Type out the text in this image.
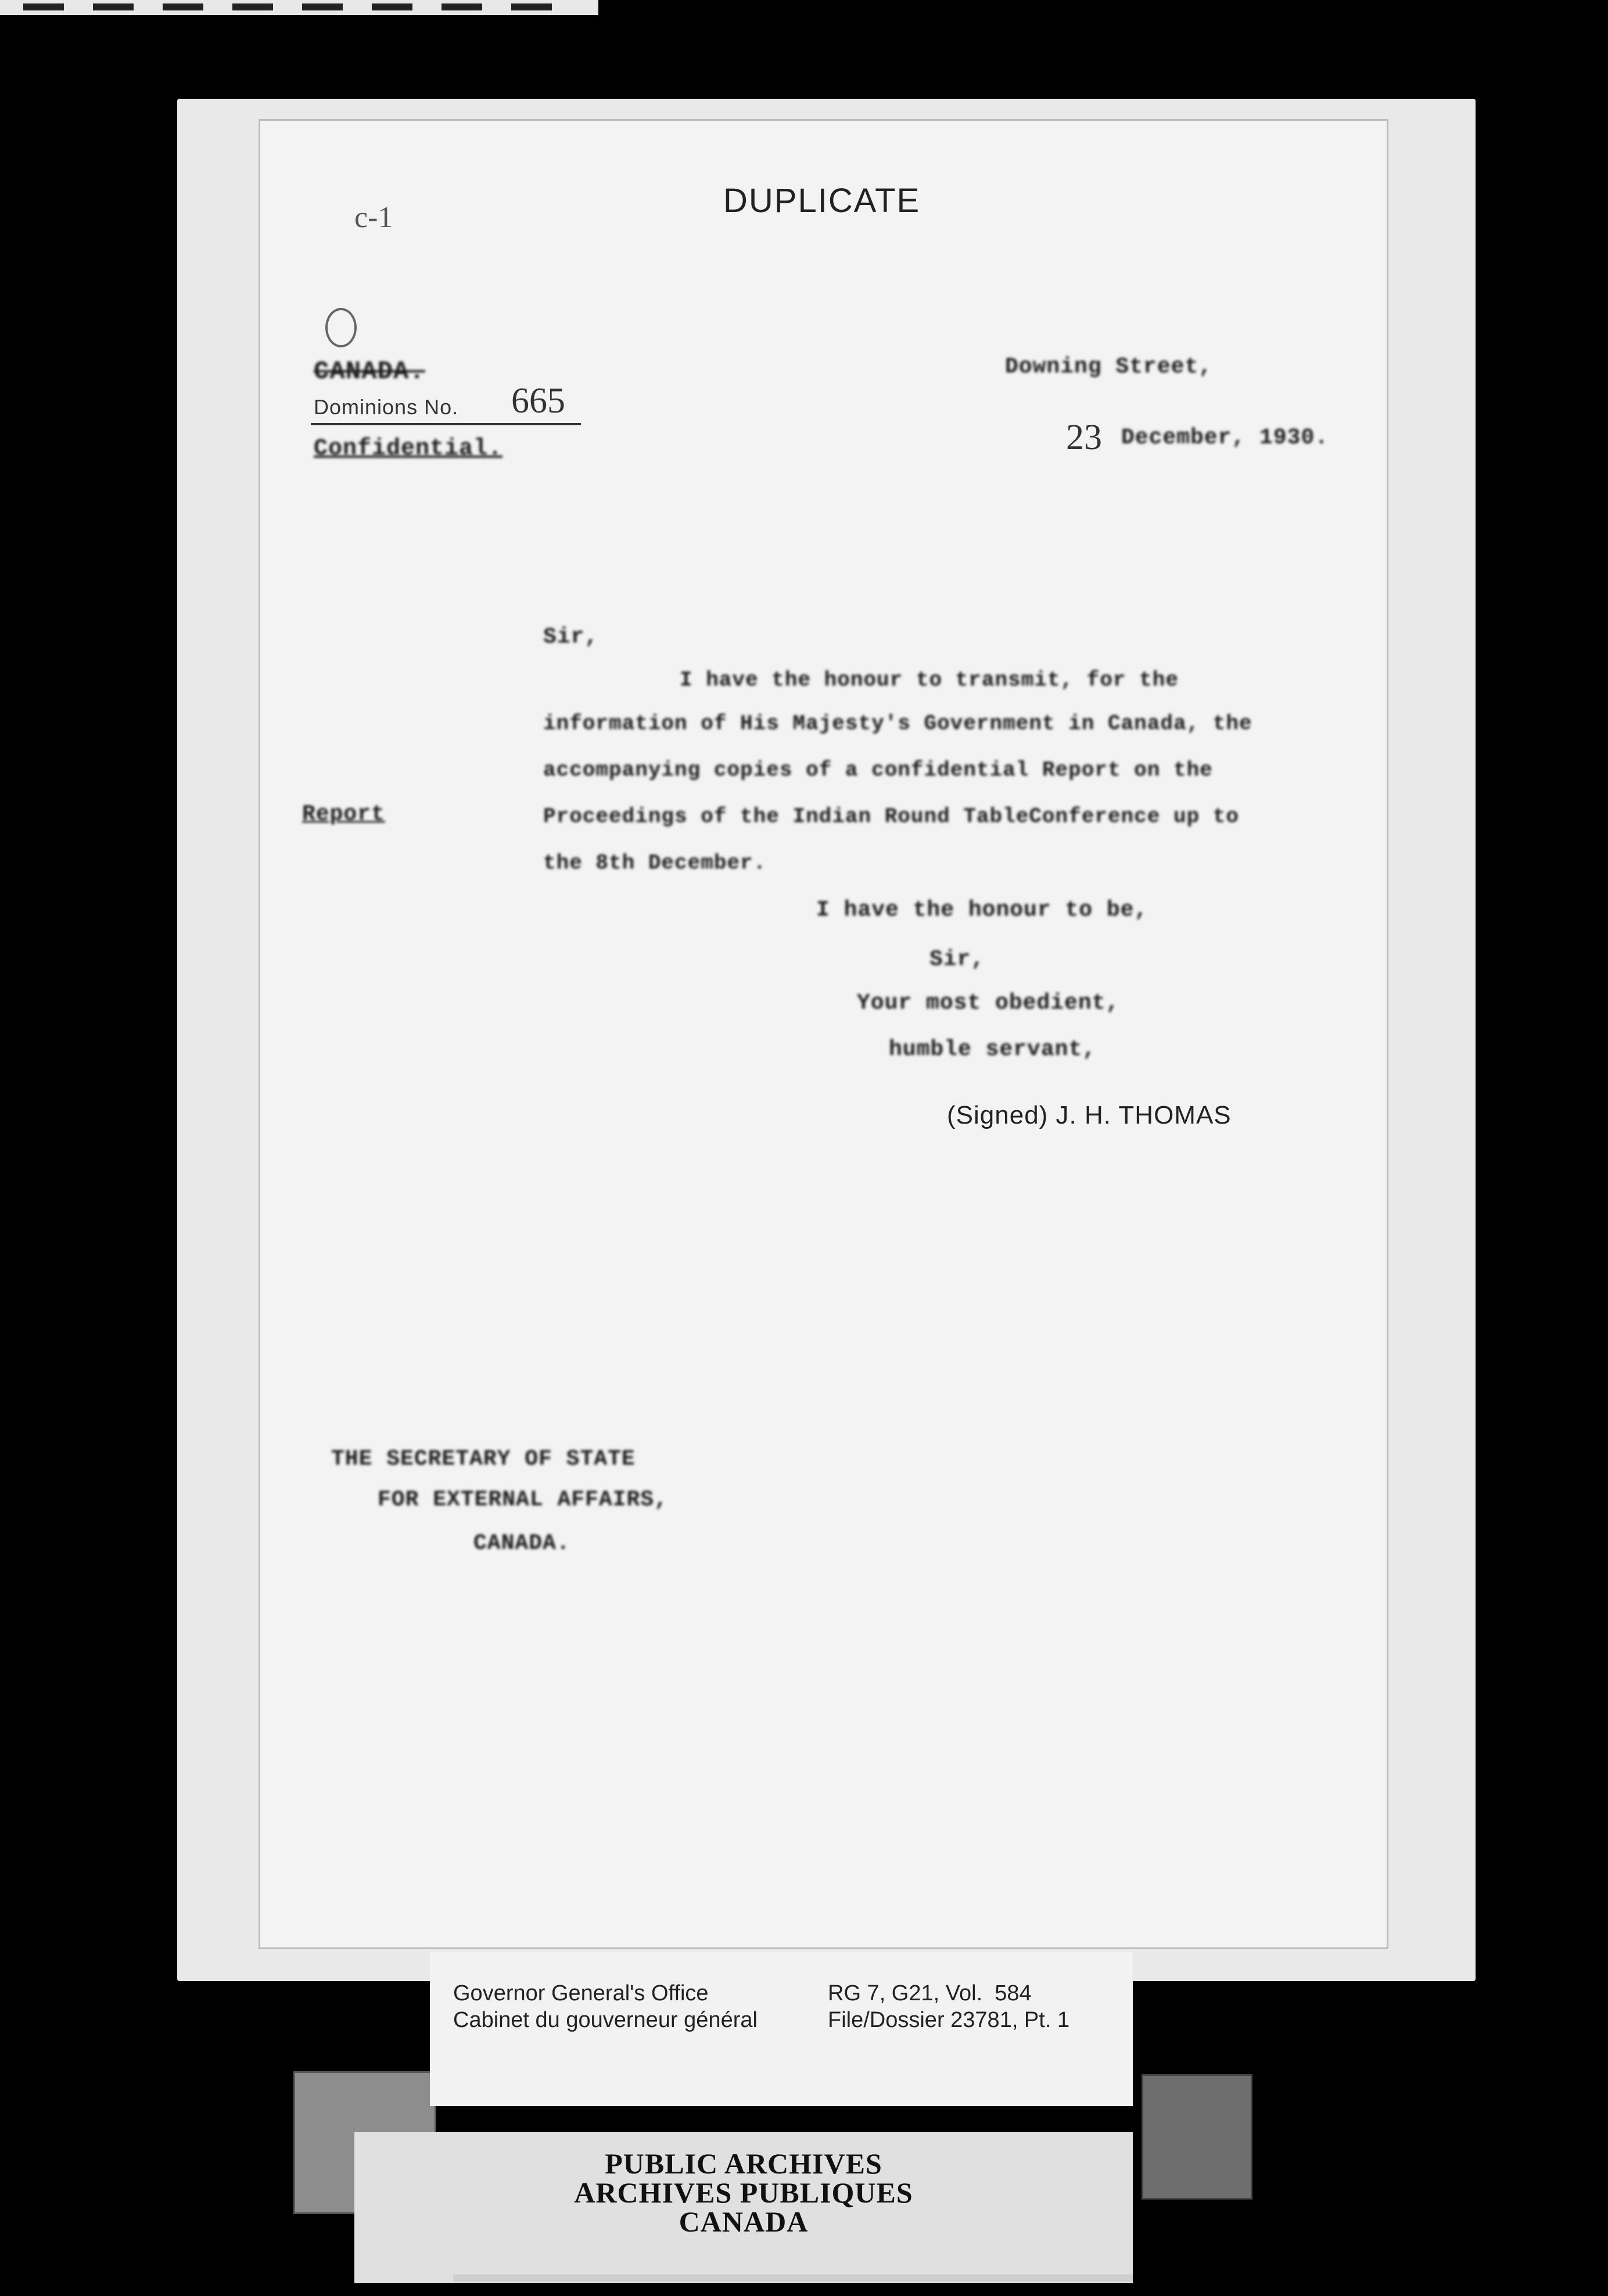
DUPLICATE
c-1
CANADA.
Dominions No. 665
Confidential.
Downing Street,
23 December, 1930.
Sir,
I have the honour to transmit, for the
information of His Majesty's Government in Canada, the
accompanying copies of a confidential Report on the
Proceedings of the Indian Round TableConference up to
the 8th December.
Report
I have the honour to be,
Sir,
Your most obedient,
humble servant,
(Signed) J. H. THOMAS
THE SECRETARY OF STATE
FOR EXTERNAL AFFAIRS,
CANADA.
Governor General's Office
Cabinet du gouverneur général
RG 7, G21, Vol.  584
File/Dossier 23781, Pt. 1
PUBLIC ARCHIVES
ARCHIVES PUBLIQUES
CANADA
